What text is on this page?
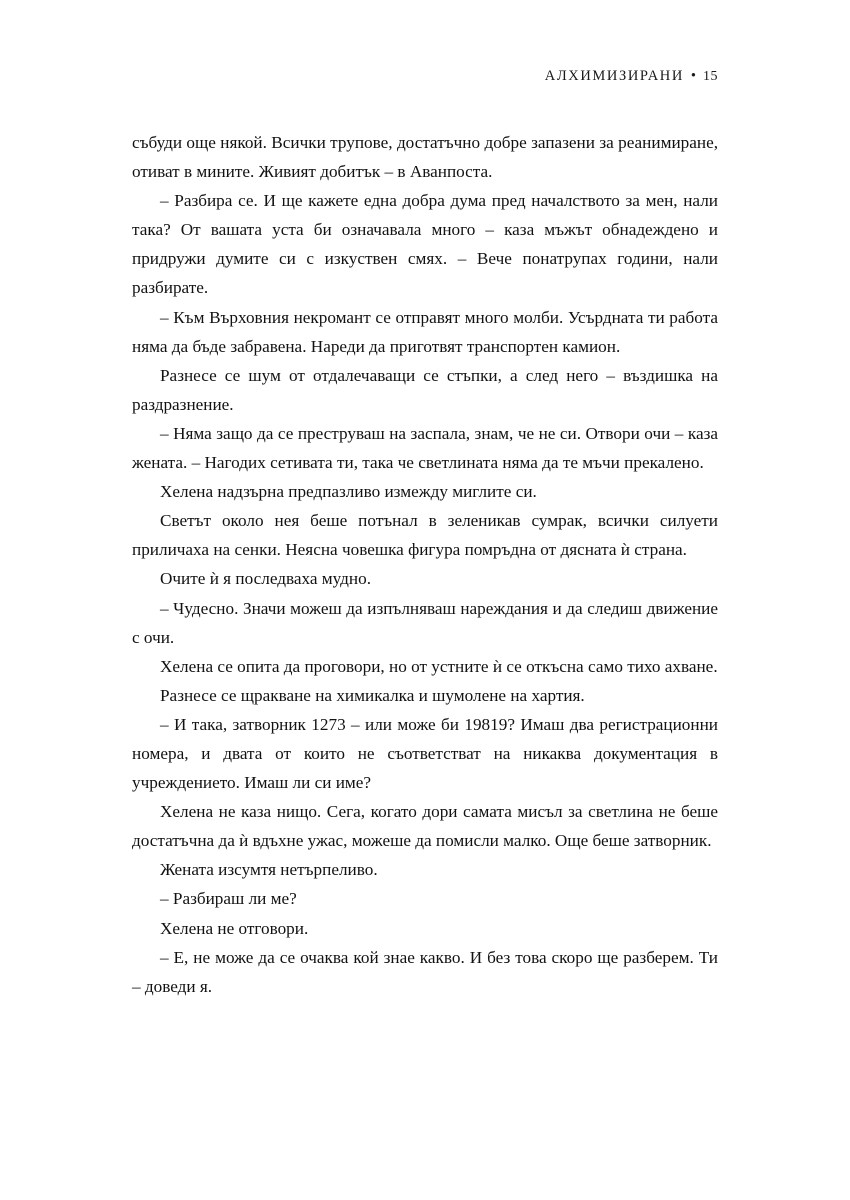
АЛХИМИЗИРАНИ • 15

събуди още някой. Всички трупове, достатъчно добре запазени за реанимиране, отиват в мините. Живият добитък – в Аванпоста.

– Разбира се. И ще кажете една добра дума пред началството за мен, нали така? От вашата уста би означавала много – каза мъжът обнадеждено и придружи думите си с изкуствен смях. – Вече понатрупах години, нали разбирате.

– Към Върховния некромант се отправят много молби. Усърдната ти работа няма да бъде забравена. Нареди да приготвят транспортен камион.

Разнесе се шум от отдалечаващи се стъпки, а след него – въздишка на раздразнение.

– Няма защо да се преструваш на заспала, знам, че не си. Отвори очи – каза жената. – Нагодих сетивата ти, така че светлината няма да те мъчи прекалено.

Хелена надзърна предпазливо измежду миглите си.

Светът около нея беше потънал в зеленикав сумрак, всички силуети приличаха на сенки. Неясна човешка фигура помръдна от дясната ѝ страна.

Очите ѝ я последваха мудно.

– Чудесно. Значи можеш да изпълняваш нареждания и да следиш движение с очи.

Хелена се опита да проговори, но от устните ѝ се откъсна само тихо ахване.

Разнесе се щракване на химикалка и шумолене на хартия.

– И така, затворник 1273 – или може би 19819? Имаш два регистрационни номера, и двата от които не съответстват на никаква документация в учреждението. Имаш ли си име?

Хелена не каза нищо. Сега, когато дори самата мисъл за светлина не беше достатъчна да ѝ вдъхне ужас, можеше да помисли малко. Още беше затворник.

Жената изсумтя нетърпеливо.

– Разбираш ли ме?

Хелена не отговори.

– Е, не може да се очаква кой знае какво. И без това скоро ще разберем. Ти – доведи я.
